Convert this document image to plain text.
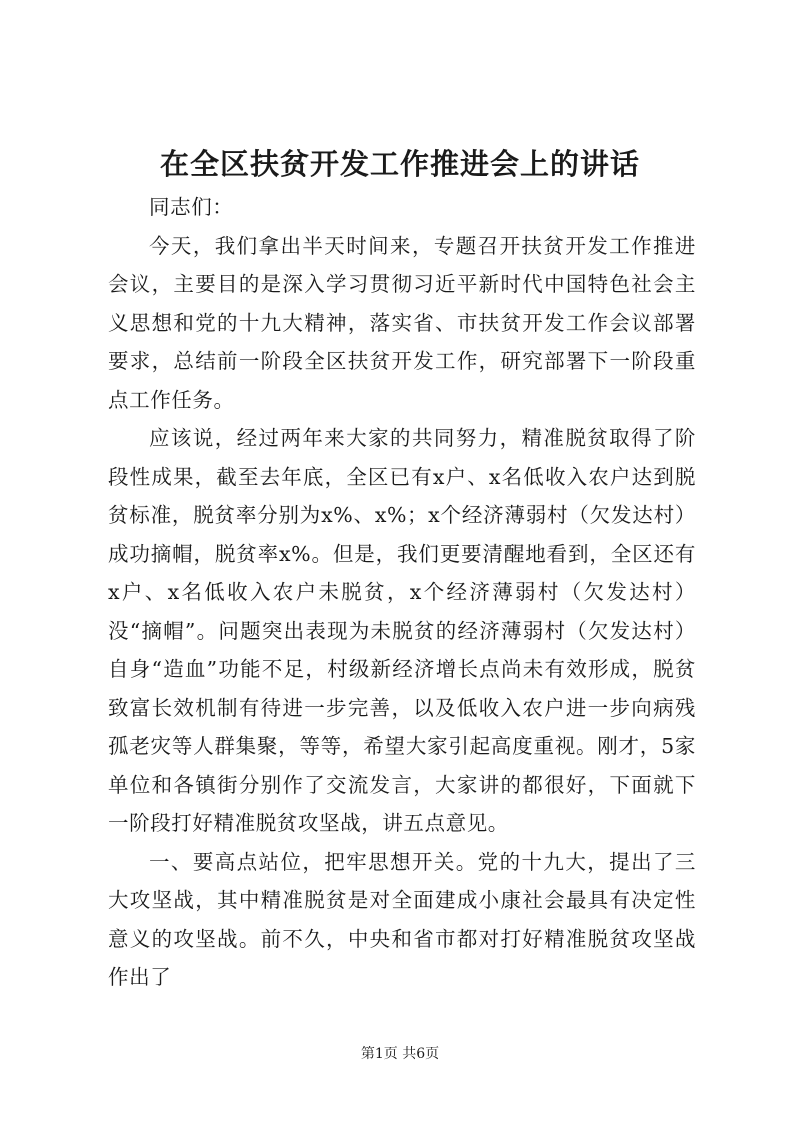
在全区扶贫开发工作推进会上的讲话

同志们：

今天，我们拿出半天时间来，专题召开扶贫开发工作推进会议，主要目的是深入学习贯彻习近平新时代中国特色社会主义思想和党的十九大精神，落实省、市扶贫开发工作会议部署要求，总结前一阶段全区扶贫开发工作，研究部署下一阶段重点工作任务。

应该说，经过两年来大家的共同努力，精准脱贫取得了阶段性成果，截至去年底，全区已有x户、x名低收入农户达到脱贫标准，脱贫率分别为x%、x%；x个经济薄弱村（欠发达村）成功摘帽，脱贫率x%。但是，我们更要清醒地看到，全区还有x户、x名低收入农户未脱贫，x个经济薄弱村（欠发达村）没“摘帽”。问题突出表现为未脱贫的经济薄弱村（欠发达村）自身“造血”功能不足，村级新经济增长点尚未有效形成，脱贫致富长效机制有待进一步完善，以及低收入农户进一步向病残孤老灾等人群集聚，等等，希望大家引起高度重视。刚才，5家单位和各镇街分别作了交流发言，大家讲的都很好，下面就下一阶段打好精准脱贫攻坚战，讲五点意见。

一、要高点站位，把牢思想开关。党的十九大，提出了三大攻坚战，其中精准脱贫是对全面建成小康社会最具有决定性意义的攻坚战。前不久，中央和省市都对打好精准脱贫攻坚战作出了

第1页 共6页
